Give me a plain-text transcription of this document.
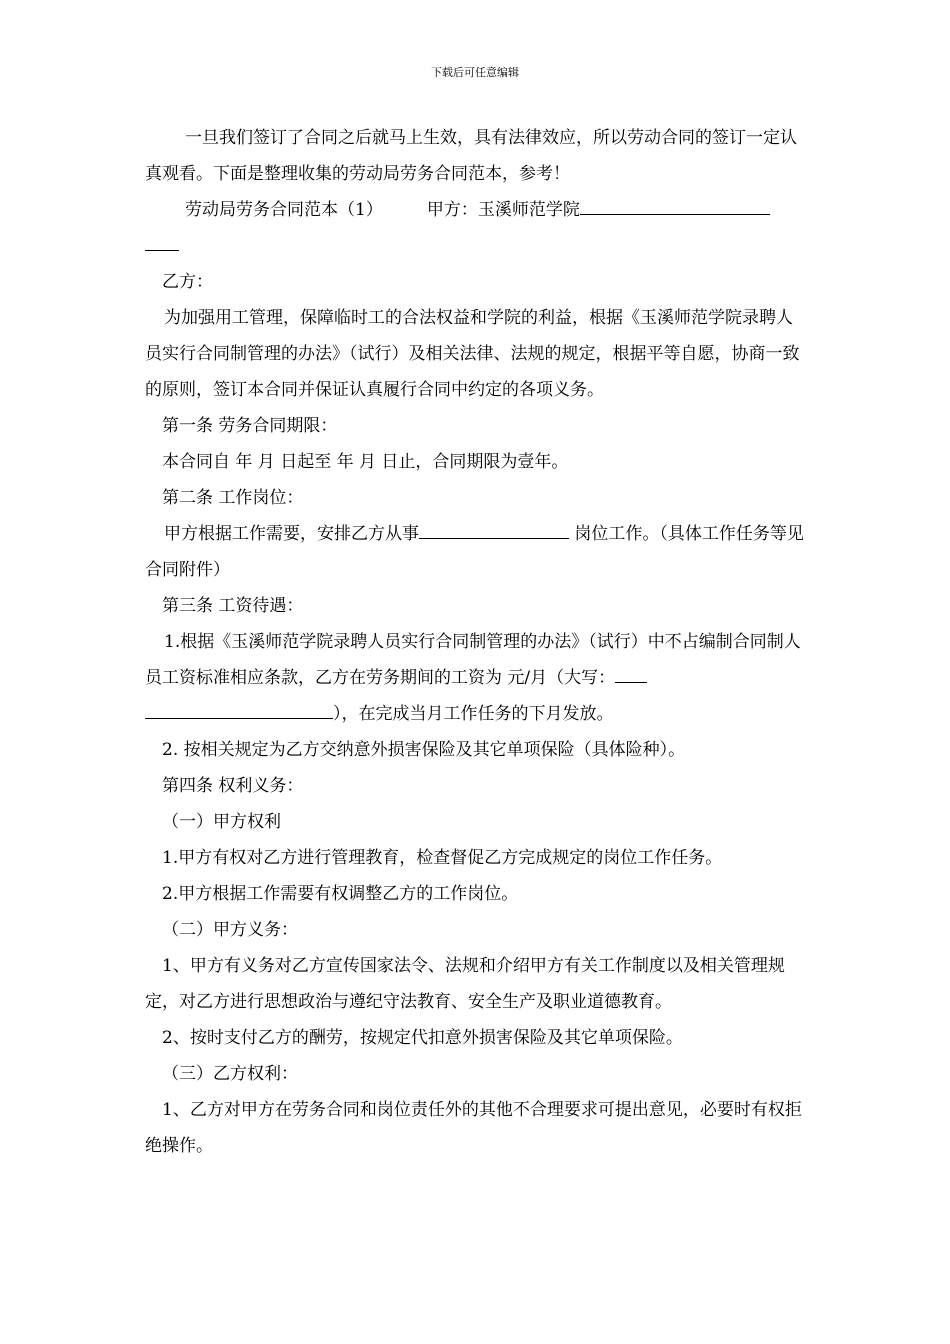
下载后可任意编辑

一旦我们签订了合同之后就马上生效，具有法律效应，所以劳动合同的签订一定认真观看。下面是整理收集的劳动局劳务合同范本，参考！

劳动局劳务合同范本（1）	甲方：玉溪师范学院

乙方：

为加强用工管理，保障临时工的合法权益和学院的利益，根据《玉溪师范学院录聘人员实行合同制管理的办法》（试行）及相关法律、法规的规定，根据平等自愿，协商一致的原则，签订本合同并保证认真履行合同中约定的各项义务。

第一条 劳务合同期限：

本合同自 年 月 日起至 年 月 日止，合同期限为壹年。

第二条 工作岗位：

甲方根据工作需要，安排乙方从事	岗位工作。（具体工作任务等见合同附件）

第三条 工资待遇：

1.根据《玉溪师范学院录聘人员实行合同制管理的办法》（试行）中不占编制合同制人员工资标准相应条款，乙方在劳务期间的工资为 元/月（大写： ），在完成当月工作任务的下月发放。

2. 按相关规定为乙方交纳意外损害保险及其它单项保险（具体险种）。

第四条 权利义务：

（一）甲方权利

1.甲方有权对乙方进行管理教育，检查督促乙方完成规定的岗位工作任务。

2.甲方根据工作需要有权调整乙方的工作岗位。

（二）甲方义务：

1、甲方有义务对乙方宣传国家法令、法规和介绍甲方有关工作制度以及相关管理规定，对乙方进行思想政治与遵纪守法教育、安全生产及职业道德教育。

2、按时支付乙方的酬劳，按规定代扣意外损害保险及其它单项保险。

（三）乙方权利：

1、乙方对甲方在劳务合同和岗位责任外的其他不合理要求可提出意见，必要时有权拒绝操作。
